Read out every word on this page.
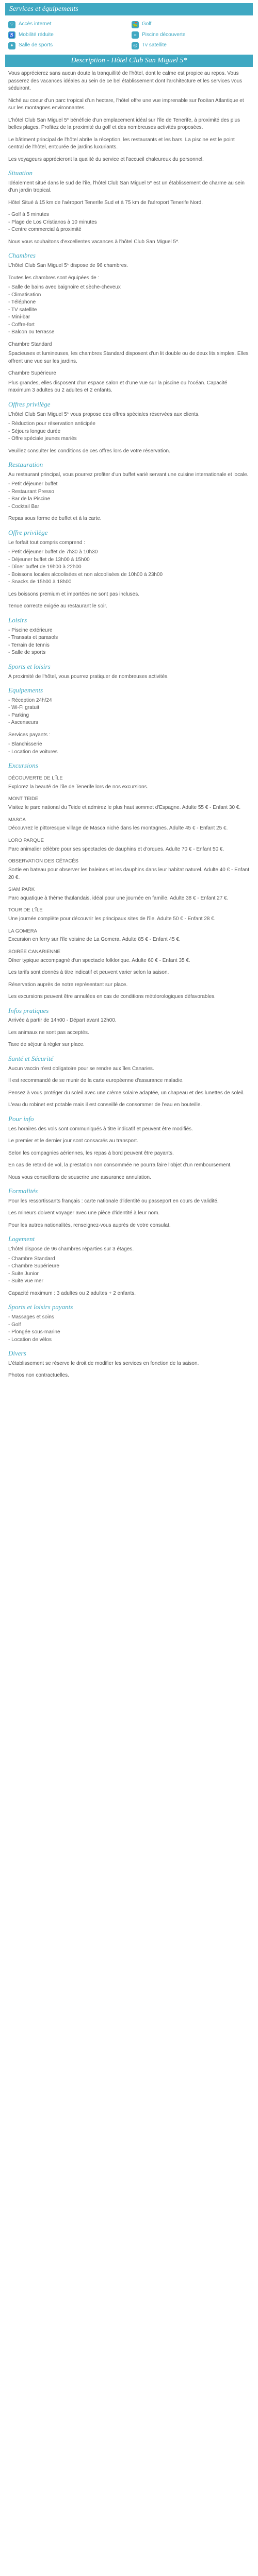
Services et équipements
⌔ Accès internet	⛳ Golf
♿ Mobilité réduite	≈	Piscine découverte
✦ Salle de sports	◎ Tv satellite
Description - Hôtel Club San Miguel 5*

Vous apprécierez sans aucun doute la tranquillité de l'hôtel, dont le calme est propice au repos. Vous passerez des vacances idéales au sein de ce bel établissement dont l'architecture et les services vous séduiront.

Niché au coeur d'un parc tropical d'un hectare, l'hôtel offre une vue imprenable sur l'océan Atlantique et sur les montagnes environnantes.

L'hôtel Club San Miguel 5* bénéficie d'un emplacement idéal sur l'île de Tenerife, à proximité des plus belles plages. Profitez de la proximité du golf et des nombreuses activités proposées.

Le bâtiment principal de l'hôtel abrite la réception, les restaurants et les bars. La piscine est le point central de l'hôtel, entourée de jardins luxuriants.

Les voyageurs apprécieront la qualité du service et l'accueil chaleureux du personnel.

Situation

Idéalement situé dans le sud de l'île, l'hôtel Club San Miguel 5* est un établissement de charme au sein d'un jardin tropical.

Hôtel Situé à 15 km de l'aéroport Tenerife Sud et à 75 km de l'aéroport Tenerife Nord.

- Golf à 5 minutes
- Plage de Los Cristianos à 10 minutes
- Centre commercial à proximité

Nous vous souhaitons d'excellentes vacances à l'hôtel Club San Miguel 5*.

Chambres

L'hôtel Club San Miguel 5* dispose de 96 chambres.

Toutes les chambres sont équipées de :

- Salle de bains avec baignoire et sèche-cheveux
- Climatisation
- Téléphone
- TV satellite
- Mini-bar
- Coffre-fort
- Balcon ou terrasse

Chambre Standard

Spacieuses et lumineuses, les chambres Standard disposent d'un lit double ou de deux lits simples. Elles offrent une vue sur les jardins.

Chambre Supérieure

Plus grandes, elles disposent d'un espace salon et d'une vue sur la piscine ou l'océan. Capacité maximum 3 adultes ou 2 adultes et 2 enfants.

Offres privilège

L'hôtel Club San Miguel 5* vous propose des offres spéciales réservées aux clients.

- Réduction pour réservation anticipée
- Séjours longue durée
- Offre spéciale jeunes mariés

Veuillez consulter les conditions de ces offres lors de votre réservation.

Restauration

Au restaurant principal, vous pourrez profiter d'un buffet varié servant une cuisine internationale et locale.

- Petit déjeuner buffet
- Restaurant Presso
- Bar de la Piscine
- Cocktail Bar

Repas sous forme de buffet et à la carte.

Offre privilège

Le forfait tout compris comprend :

- Petit déjeuner buffet de 7h30 à 10h30
- Déjeuner buffet de 13h00 à 15h00
- Dîner buffet de 19h00 à 22h00
- Boissons locales alcoolisées et non alcoolisées de 10h00 à 23h00
- Snacks de 15h00 à 18h00

Les boissons premium et importées ne sont pas incluses.

Tenue correcte exigée au restaurant le soir.

Loisirs
- Piscine extérieure
- Transats et parasols
- Terrain de tennis
- Salle de sports
Sports et loisirs

A proximité de l'hôtel, vous pourrez pratiquer de nombreuses activités.

Equipements
- Réception 24h/24
- Wi-Fi gratuit
- Parking
- Ascenseurs

Services payants :

- Blanchisserie
- Location de voitures
Excursions
DÉCOUVERTE DE L'ÎLE

Explorez la beauté de l'île de Tenerife lors de nos excursions.

MONT TEIDE

Visitez le parc national du Teide et admirez le plus haut sommet d'Espagne. Adulte 55 € - Enfant 30 €.

MASCA

Découvrez le pittoresque village de Masca niché dans les montagnes. Adulte 45 € - Enfant 25 €.

LORO PARQUE

Parc animalier célèbre pour ses spectacles de dauphins et d'orques. Adulte 70 € - Enfant 50 €.

OBSERVATION DES CÉTACÉS

Sortie en bateau pour observer les baleines et les dauphins dans leur habitat naturel. Adulte 40 € - Enfant 20 €.

SIAM PARK

Parc aquatique à thème thaïlandais, idéal pour une journée en famille. Adulte 38 € - Enfant 27 €.

TOUR DE L'ÎLE

Une journée complète pour découvrir les principaux sites de l'île. Adulte 50 € - Enfant 28 €.

LA GOMERA

Excursion en ferry sur l'île voisine de La Gomera. Adulte 85 € - Enfant 45 €.

SOIRÉE CANARIENNE

Dîner typique accompagné d'un spectacle folklorique. Adulte 60 € - Enfant 35 €.

Les tarifs sont donnés à titre indicatif et peuvent varier selon la saison.

Réservation auprès de notre représentant sur place.

Les excursions peuvent être annulées en cas de conditions météorologiques défavorables.

Infos pratiques

Arrivée à partir de 14h00 - Départ avant 12h00.

Les animaux ne sont pas acceptés.

Taxe de séjour à régler sur place.

Santé et Sécurité

Aucun vaccin n'est obligatoire pour se rendre aux îles Canaries.

Il est recommandé de se munir de la carte européenne d'assurance maladie.

Pensez à vous protéger du soleil avec une crème solaire adaptée, un chapeau et des lunettes de soleil.

L'eau du robinet est potable mais il est conseillé de consommer de l'eau en bouteille.

Pour info

Les horaires des vols sont communiqués à titre indicatif et peuvent être modifiés.

Le premier et le dernier jour sont consacrés au transport.

Selon les compagnies aériennes, les repas à bord peuvent être payants.

En cas de retard de vol, la prestation non consommée ne pourra faire l'objet d'un remboursement.

Nous vous conseillons de souscrire une assurance annulation.

Formalités

Pour les ressortissants français : carte nationale d'identité ou passeport en cours de validité.

Les mineurs doivent voyager avec une pièce d'identité à leur nom.

Pour les autres nationalités, renseignez-vous auprès de votre consulat.

Logement

L'hôtel dispose de 96 chambres réparties sur 3 étages.

- Chambre Standard
- Chambre Supérieure
- Suite Junior
- Suite vue mer

Capacité maximum : 3 adultes ou 2 adultes + 2 enfants.

Sports et loisirs payants
- Massages et soins
- Golf
- Plongée sous-marine
- Location de vélos
Divers

L'établissement se réserve le droit de modifier les services en fonction de la saison.

Photos non contractuelles.
